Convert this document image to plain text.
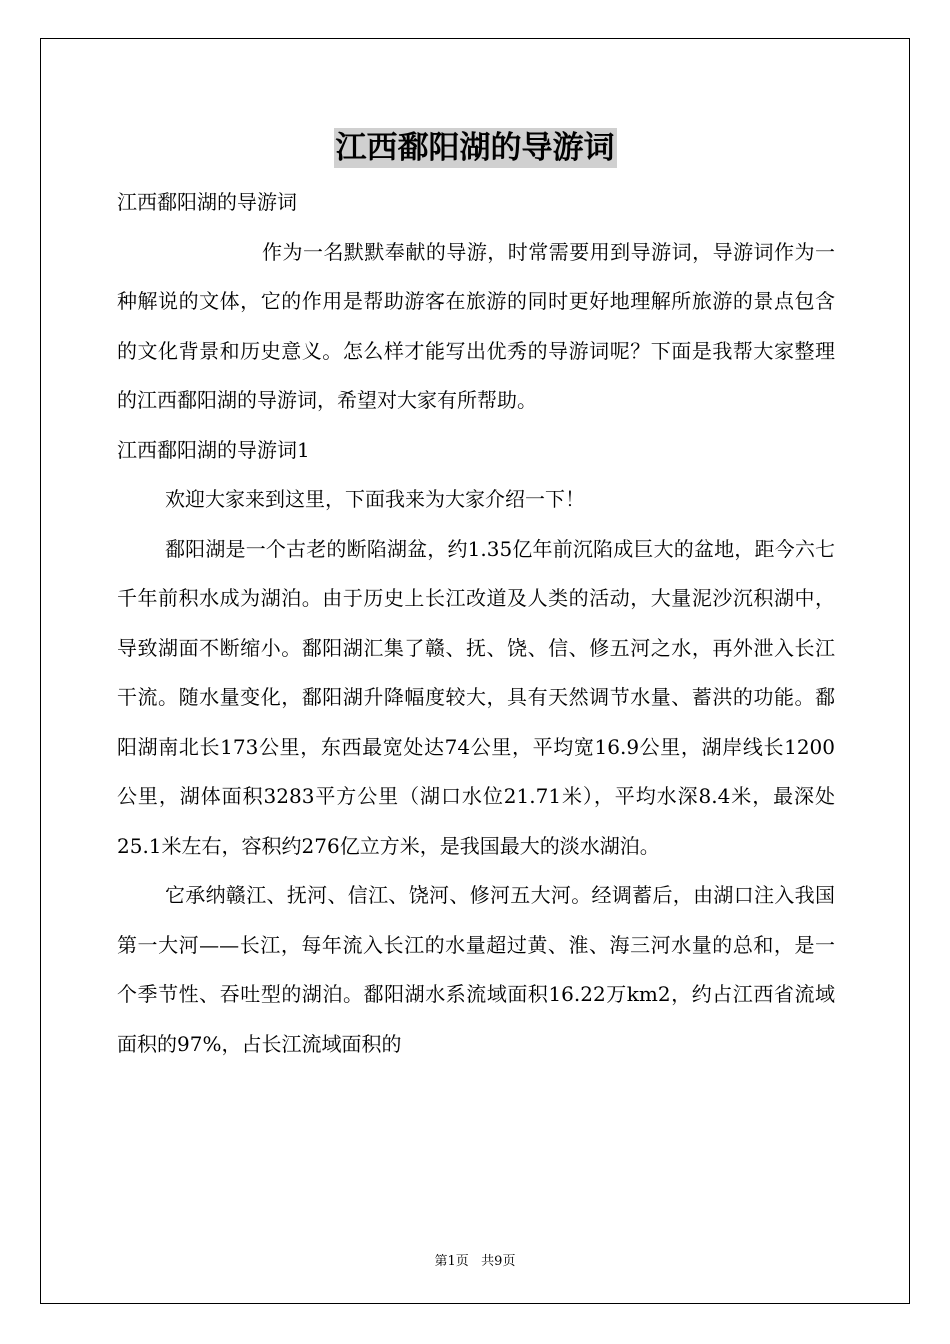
江西鄱阳湖的导游词

江西鄱阳湖的导游词

作为一名默默奉献的导游，时常需要用到导游词，导游词作为一种解说的文体，它的作用是帮助游客在旅游的同时更好地理解所旅游的景点包含的文化背景和历史意义。怎么样才能写出优秀的导游词呢？下面是我帮大家整理的江西鄱阳湖的导游词，希望对大家有所帮助。

江西鄱阳湖的导游词1

欢迎大家来到这里，下面我来为大家介绍一下！

鄱阳湖是一个古老的断陷湖盆，约1.35亿年前沉陷成巨大的盆地，距今六七千年前积水成为湖泊。由于历史上长江改道及人类的活动，大量泥沙沉积湖中，导致湖面不断缩小。鄱阳湖汇集了赣、抚、饶、信、修五河之水，再外泄入长江干流。随水量变化，鄱阳湖升降幅度较大，具有天然调节水量、蓄洪的功能。鄱阳湖南北长173公里，东西最宽处达74公里，平均宽16.9公里，湖岸线长1200公里，湖体面积3283平方公里（湖口水位21.71米），平均水深8.4米，最深处25.1米左右，容积约276亿立方米，是我国最大的淡水湖泊。

它承纳赣江、抚河、信江、饶河、修河五大河。经调蓄后，由湖口注入我国第一大河——长江，每年流入长江的水量超过黄、淮、海三河水量的总和，是一个季节性、吞吐型的湖泊。鄱阳湖水系流域面积16.22万km2，约占江西省流域面积的97%，占长江流域面积的

第1页   共9页
